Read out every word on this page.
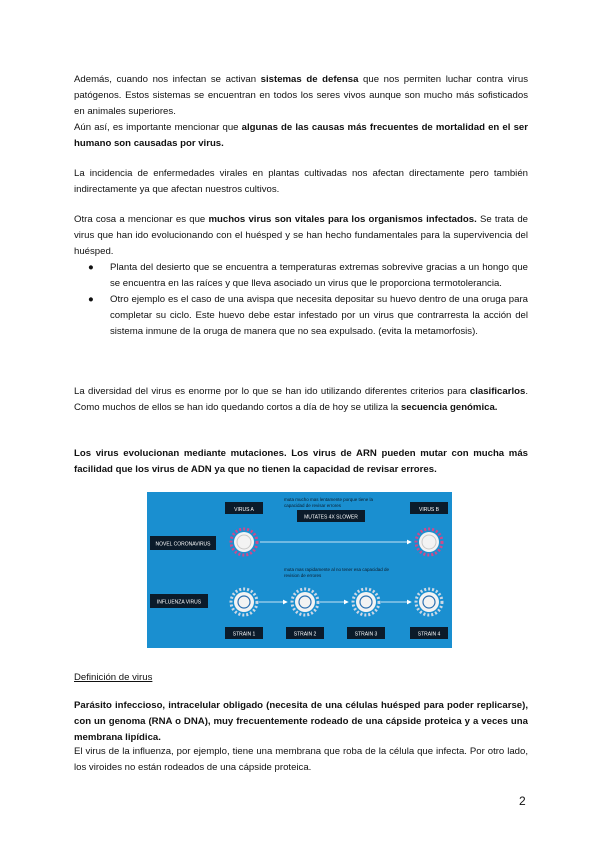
Además, cuando nos infectan se activan sistemas de defensa que nos permiten luchar contra virus patógenos. Estos sistemas se encuentran en todos los seres vivos aunque son mucho más sofisticados en animales superiores.

Aún así, es importante mencionar que algunas de las causas más frecuentes de mortalidad en el ser humano son causadas por virus.

La incidencia de enfermedades virales en plantas cultivadas nos afectan directamente pero también indirectamente ya que afectan nuestros cultivos.

Otra cosa a mencionar es que muchos virus son vitales para los organismos infectados. Se trata de virus que han ido evolucionando con el huésped y se han hecho fundamentales para la supervivencia del huésped.

● Planta del desierto que se encuentra a temperaturas extremas sobrevive gracias a un hongo que se encuentra en las raíces y que lleva asociado un virus que le proporciona termotolerancia.
● Otro ejemplo es el caso de una avispa que necesita depositar su huevo dentro de una oruga para completar su ciclo. Este huevo debe estar infestado por un virus que contrarresta la acción del sistema inmune de la oruga de manera que no sea expulsado. (evita la metamorfosis).

La diversidad del virus es enorme por lo que se han ido utilizando diferentes criterios para clasificarlos. Como muchos de ellos se han ido quedando cortos a día de hoy se utiliza la secuencia genómica.

Los virus evolucionan mediante mutaciones. Los virus de ARN pueden mutar con mucha más facilidad que los virus de ADN ya que no tienen la capacidad de revisar errores.

VIRUS A	VIRUS B
muta mucho mas lentamente porque tiene la
capacidad de revisar errores
MUTATES 4X SLOWER
NOVEL CORONAVIRUS
muta mas rapidamente al no tener esa capacidad de
revision de errores
INFLUENZA VIRUS
STRAIN 1	STRAIN 2	STRAIN 3	STRAIN 4

Definición de virus

Parásito infeccioso, intracelular obligado (necesita de una células huésped para poder replicarse), con un genoma (RNA o DNA), muy frecuentemente rodeado de una cápside proteica y a veces una membrana lipídica.

El virus de la influenza, por ejemplo, tiene una membrana que roba de la célula que infecta. Por otro lado, los viroides no están rodeados de una cápside proteica.

2
